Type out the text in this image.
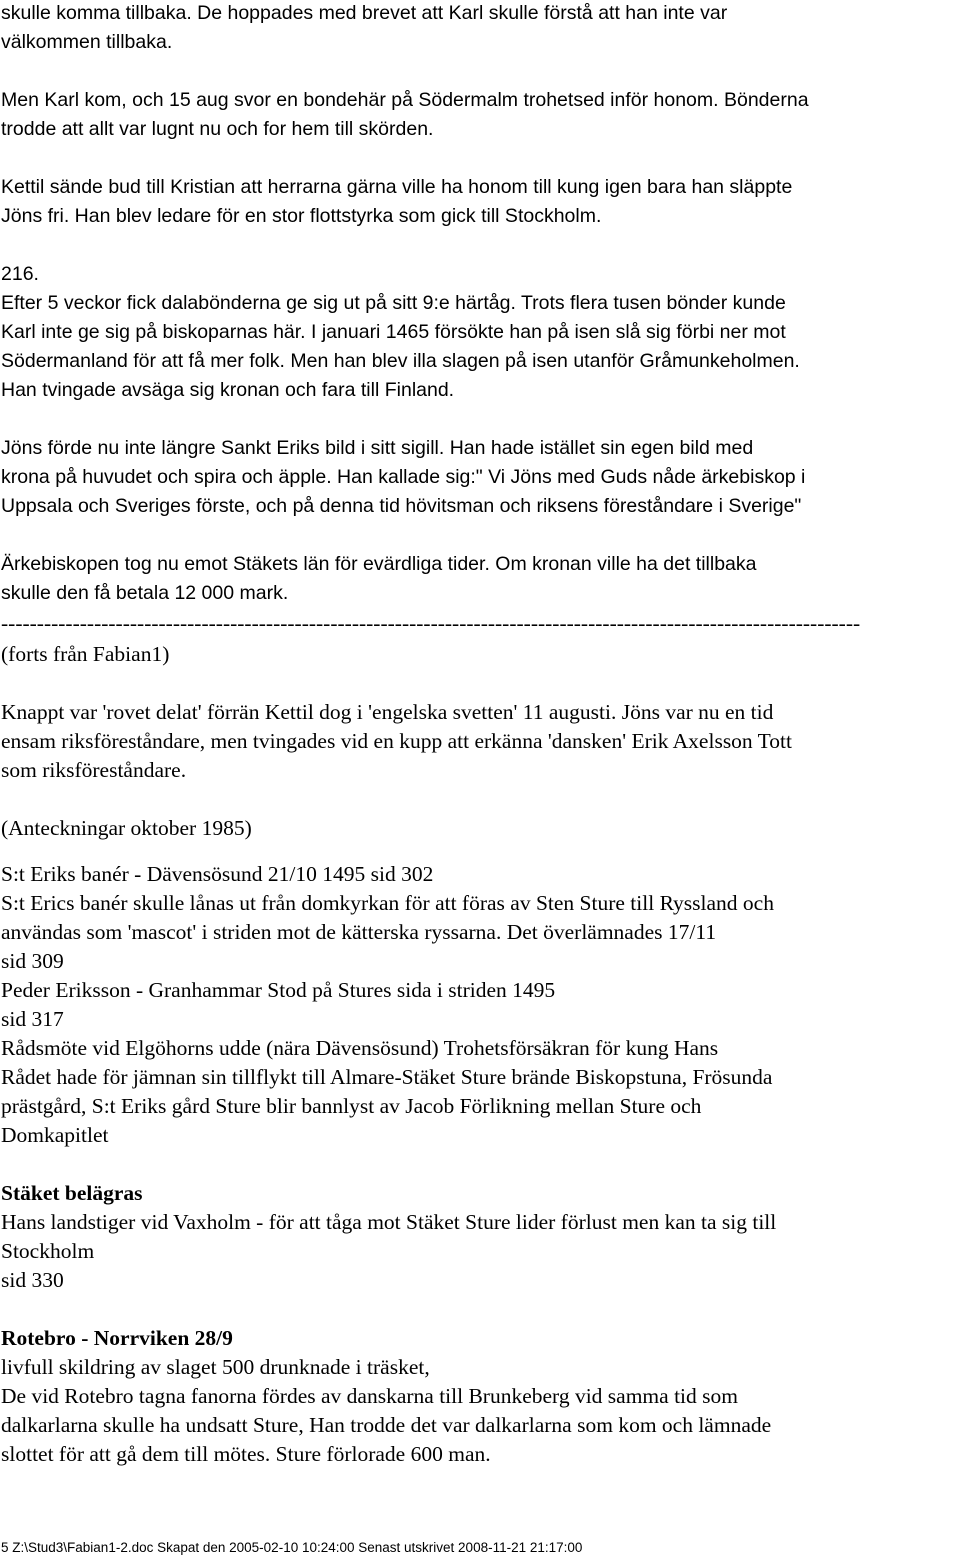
skulle komma tillbaka. De hoppades med brevet att Karl skulle förstå att han inte var
välkommen tillbaka.
Men Karl kom, och 15 aug svor en bondehär på Södermalm trohetsed inför honom. Bönderna
trodde att allt var lugnt nu och for hem till skörden.
Kettil sände bud till Kristian att herrarna gärna ville ha honom till kung igen bara han släppte
Jöns fri. Han blev ledare för en stor flottstyrka som gick till Stockholm.
216.
Efter 5 veckor fick dalabönderna ge sig ut på sitt 9:e härtåg. Trots flera tusen bönder kunde
Karl inte ge sig på biskoparnas här. I januari 1465 försökte han på isen slå sig förbi ner mot
Södermanland för att få mer folk. Men han blev illa slagen på isen utanför Gråmunkeholmen.
Han tvingade avsäga sig kronan och fara till Finland.
Jöns förde nu inte längre Sankt Eriks bild i sitt sigill. Han hade istället sin egen bild med
krona på huvudet och spira och äpple. Han kallade sig:" Vi Jöns med Guds nåde ärkebiskop i
Uppsala och Sveriges förste, och på denna tid hövitsman och riksens föreståndare i Sverige"
Ärkebiskopen tog nu emot Stäkets län för evärdliga tider. Om kronan ville ha det tillbaka
skulle den få betala 12 000 mark.
------------------------------------------------------------------------------------------------------------------------
(forts från Fabian1)
Knappt var 'rovet delat' förrän Kettil dog i 'engelska svetten' 11 augusti. Jöns var nu en tid
ensam riksföreståndare, men tvingades vid en kupp att erkänna 'dansken' Erik Axelsson Tott
som riksföreståndare.
(Anteckningar oktober 1985)
S:t Eriks banér - Dävensösund 21/10 1495 sid 302
S:t Erics banér skulle lånas ut från domkyrkan för att föras av Sten Sture till Ryssland och
användas som 'mascot' i striden mot de kätterska ryssarna. Det överlämnades 17/11
sid 309
Peder Eriksson - Granhammar Stod på Stures sida i striden 1495
sid 317
Rådsmöte vid Elgöhorns udde (nära Dävensösund) Trohetsförsäkran för kung Hans
Rådet hade för jämnan sin tillflykt till Almare-Stäket Sture brände Biskopstuna, Frösunda
prästgård, S:t Eriks gård Sture blir bannlyst av Jacob Förlikning mellan Sture och
Domkapitlet
Stäket belägras
Hans landstiger vid Vaxholm - för att tåga mot Stäket Sture lider förlust men kan ta sig till
Stockholm
sid 330
Rotebro - Norrviken 28/9
livfull skildring av slaget 500 drunknade i träsket,
De vid Rotebro tagna fanorna fördes av danskarna till Brunkeberg vid samma tid som
dalkarlarna skulle ha undsatt Sture, Han trodde det var dalkarlarna som kom och lämnade
slottet för att gå dem till mötes. Sture förlorade 600 man.
5 Z:\Stud3\Fabian1-2.doc Skapat den 2005-02-10 10:24:00 Senast utskrivet 2008-11-21 21:17:00
